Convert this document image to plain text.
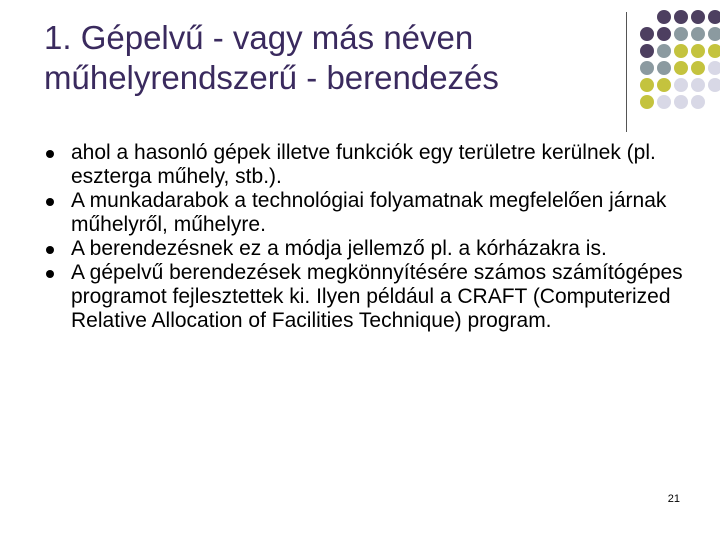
1. Gépelvű - vagy más néven
műhelyrendszerű - berendezés
ahol a hasonló gépek illetve funkciók egy területre kerülnek (pl. eszterga műhely, stb.).
A munkadarabok a technológiai folyamatnak megfelelően járnak műhelyről, műhelyre.
A berendezésnek ez a módja jellemző pl. a kórházakra is.
A gépelvű berendezések megkönnyítésére számos számítógépes programot fejlesztettek ki. Ilyen például a CRAFT (Computerized Relative Allocation of Facilities Technique) program.
21
